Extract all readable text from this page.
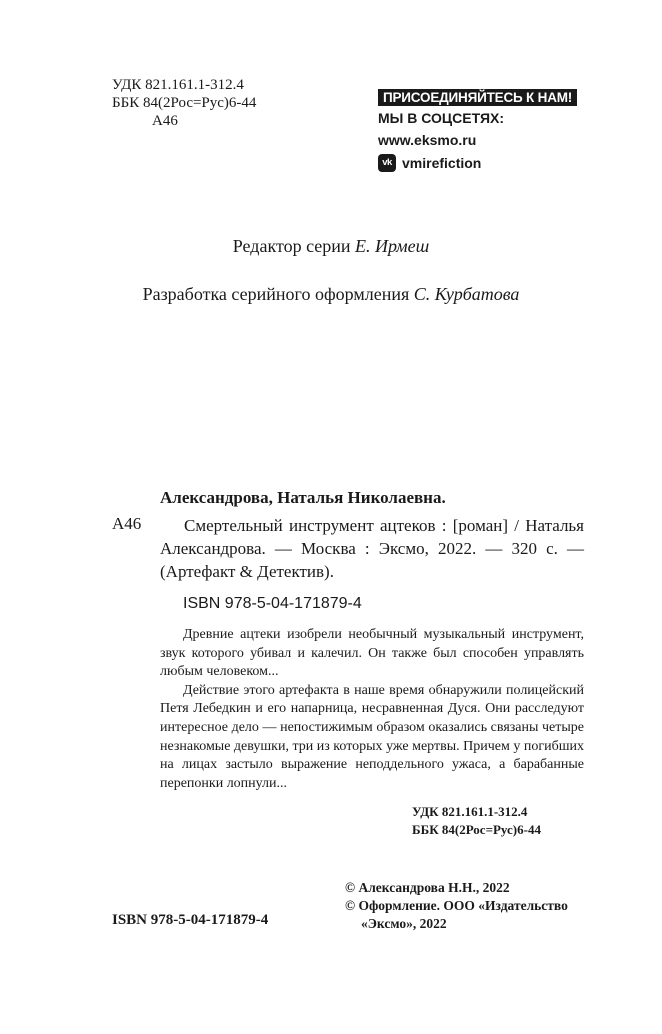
УДК 821.161.1-312.4
ББК 84(2Рос=Рус)6-44
А46
ПРИСОЕДИНЯЙТЕСЬ К НАМ!
МЫ В СОЦСЕТЯХ:
www.eksmo.ru
vk vmirefiction
Редактор серии Е. Ирмеш
Разработка серийного оформления С. Курбатова
Александрова, Наталья Николаевна.
А46	Смертельный инструмент ацтеков : [роман] / Наталья Александрова. — Москва : Эксмо, 2022. — 320 с. — (Артефакт & Детектив).
ISBN 978-5-04-171879-4

Древние ацтеки изобрели необычный музыкальный инструмент, звук которого убивал и калечил. Он также был способен управлять любым человеком...

Действие этого артефакта в наше время обнаружили полицейский Петя Лебедкин и его напарница, несравненная Дуся. Они расследуют интересное дело — непостижимым образом оказались связаны четыре незнакомые девушки, три из которых уже мертвы. Причем у погибших на лицах застыло выражение неподдельного ужаса, а барабанные перепонки лопнули...

УДК 821.161.1-312.4
ББК 84(2Рос=Рус)6-44
ISBN 978-5-04-171879-4
© Александрова Н.Н., 2022
© Оформление. ООО «Издательство
«Эксмо», 2022
